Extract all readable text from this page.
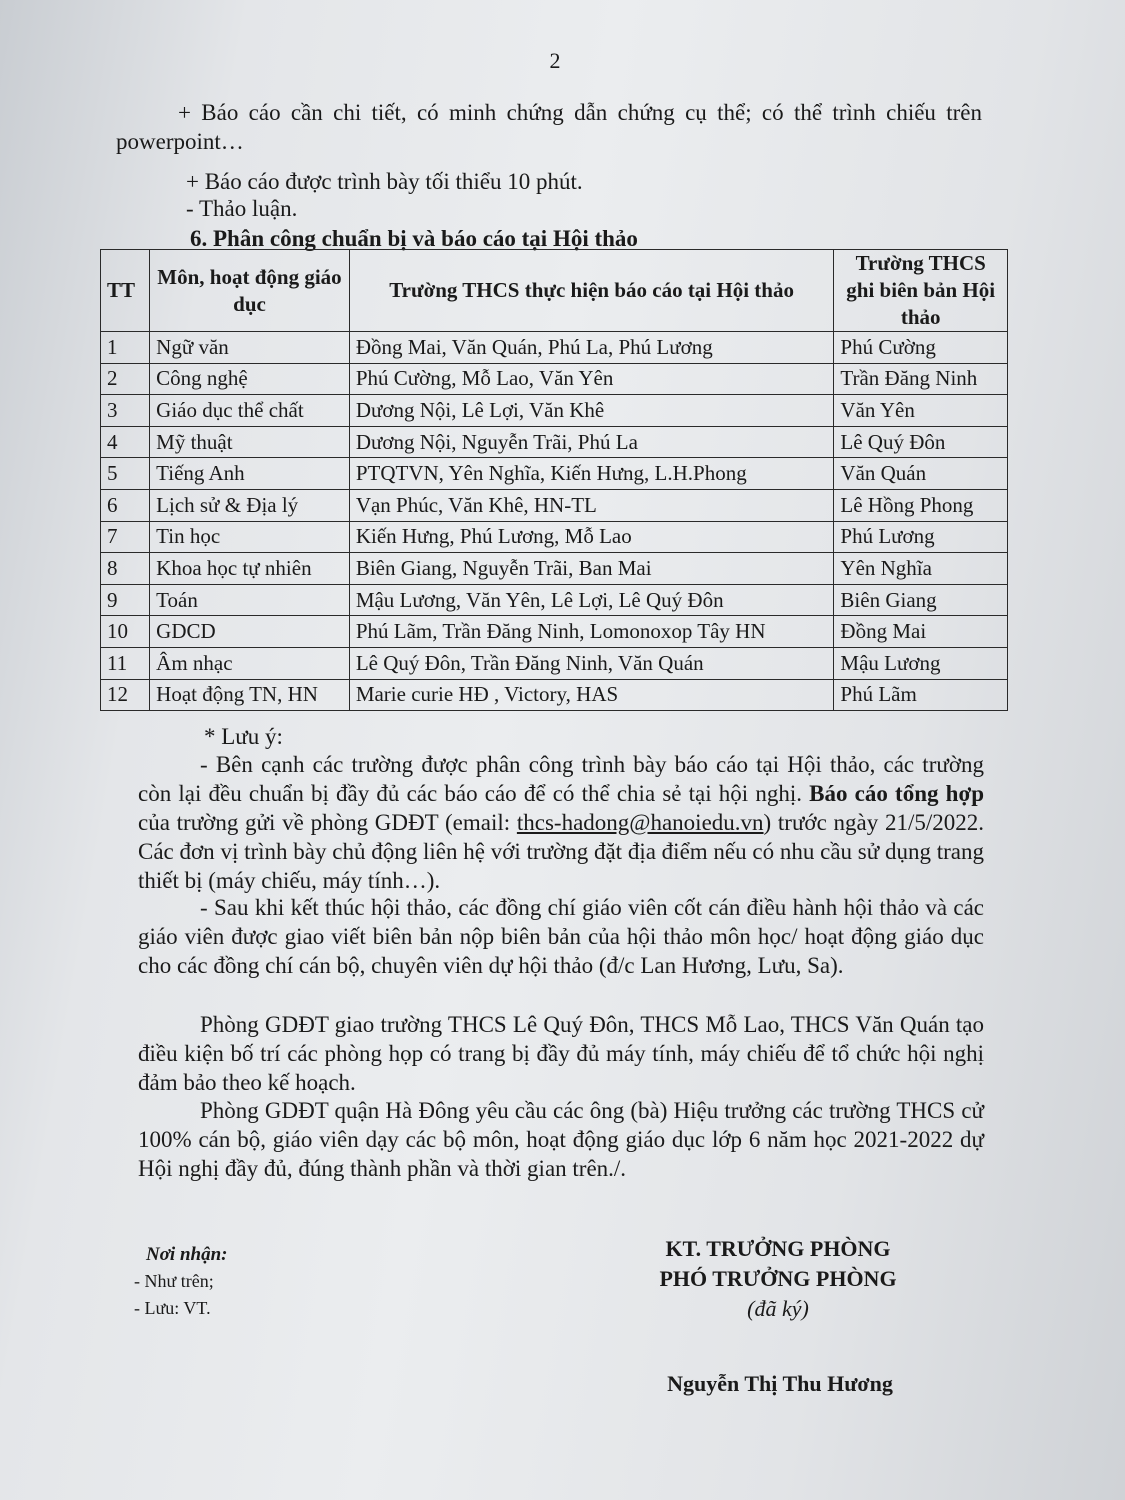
2

+ Báo cáo cần chi tiết, có minh chứng dẫn chứng cụ thể; có thể trình chiếu trên powerpoint…

+ Báo cáo được trình bày tối thiểu 10 phút.

- Thảo luận.

6. Phân công chuẩn bị và báo cáo tại Hội thảo

TT	Môn, hoạt động giáo dục	Trường THCS thực hiện báo cáo tại Hội thảo	Trường THCS ghi biên bản Hội thảo
1	Ngữ văn	Đồng Mai, Văn Quán, Phú La, Phú Lương	Phú Cường
2	Công nghệ	Phú Cường, Mỗ Lao, Văn Yên	Trần Đăng Ninh
3	Giáo dục thể chất	Dương Nội, Lê Lợi, Văn Khê	Văn Yên
4	Mỹ thuật	Dương Nội, Nguyễn Trãi, Phú La	Lê Quý Đôn
5	Tiếng Anh	PTQTVN, Yên Nghĩa, Kiến Hưng, L.H.Phong	Văn Quán
6	Lịch sử & Địa lý	Vạn Phúc, Văn Khê, HN-TL	Lê Hồng Phong
7	Tin học	Kiến Hưng, Phú Lương, Mỗ Lao	Phú Lương
8	Khoa học tự nhiên	Biên Giang, Nguyễn Trãi, Ban Mai	Yên Nghĩa
9	Toán	Mậu Lương, Văn Yên, Lê Lợi, Lê Quý Đôn	Biên Giang
10	GDCD	Phú Lãm, Trần Đăng Ninh, Lomonoxop Tây HN	Đồng Mai
11	Âm nhạc	Lê Quý Đôn, Trần Đăng Ninh, Văn Quán	Mậu Lương
12	Hoạt động TN, HN	Marie curie HĐ , Victory, HAS	Phú Lãm

* Lưu ý:

- Bên cạnh các trường được phân công trình bày báo cáo tại Hội thảo, các trường còn lại đều chuẩn bị đầy đủ các báo cáo để có thể chia sẻ tại hội nghị. Báo cáo tổng hợp của trường gửi về phòng GDĐT (email: thcs-hadong@hanoiedu.vn) trước ngày 21/5/2022. Các đơn vị trình bày chủ động liên hệ với trường đặt địa điểm nếu có nhu cầu sử dụng trang thiết bị (máy chiếu, máy tính…).

- Sau khi kết thúc hội thảo, các đồng chí giáo viên cốt cán điều hành hội thảo và các giáo viên được giao viết biên bản nộp biên bản của hội thảo môn học/ hoạt động giáo dục cho các đồng chí cán bộ, chuyên viên dự hội thảo (đ/c Lan Hương, Lưu, Sa).

Phòng GDĐT giao trường THCS Lê Quý Đôn, THCS Mỗ Lao, THCS Văn Quán tạo điều kiện bố trí các phòng họp có trang bị đầy đủ máy tính, máy chiếu để tổ chức hội nghị đảm bảo theo kế hoạch.

Phòng GDĐT quận Hà Đông yêu cầu các ông (bà) Hiệu trưởng các trường THCS cử 100% cán bộ, giáo viên dạy các bộ môn, hoạt động giáo dục lớp 6 năm học 2021-2022 dự Hội nghị đầy đủ, đúng thành phần và thời gian trên./.

Nơi nhận:
- Như trên;
- Lưu: VT.
KT. TRƯỞNG PHÒNG
PHÓ TRƯỞNG PHÒNG
(đã ký)
Nguyễn Thị Thu Hương
